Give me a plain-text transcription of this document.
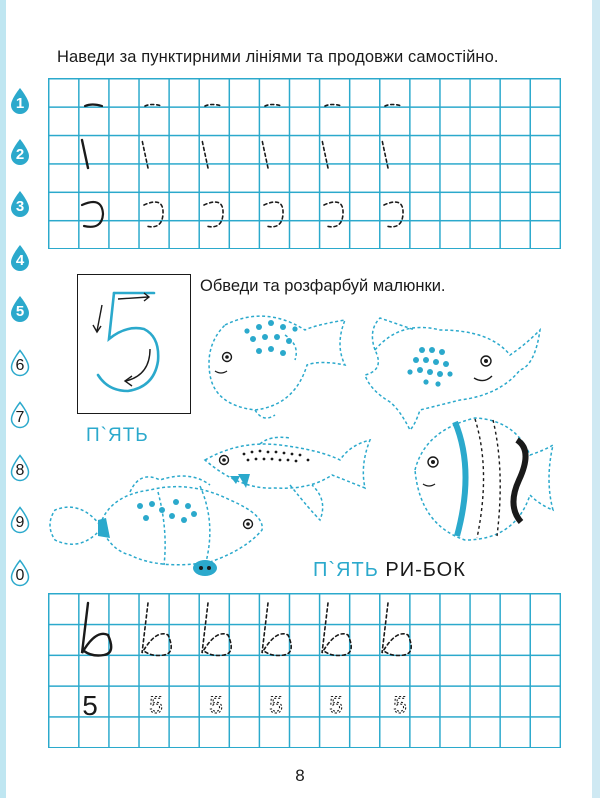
Наведи за пунктирними лініями та продовжи самостійно.
1
2
3
4
5
6
7
8
9
0
П`ЯТЬ
Обведи та розфарбуй малюнки.
П`ЯТЬ РИ-БОК
5 5 5 5 5 5
8
